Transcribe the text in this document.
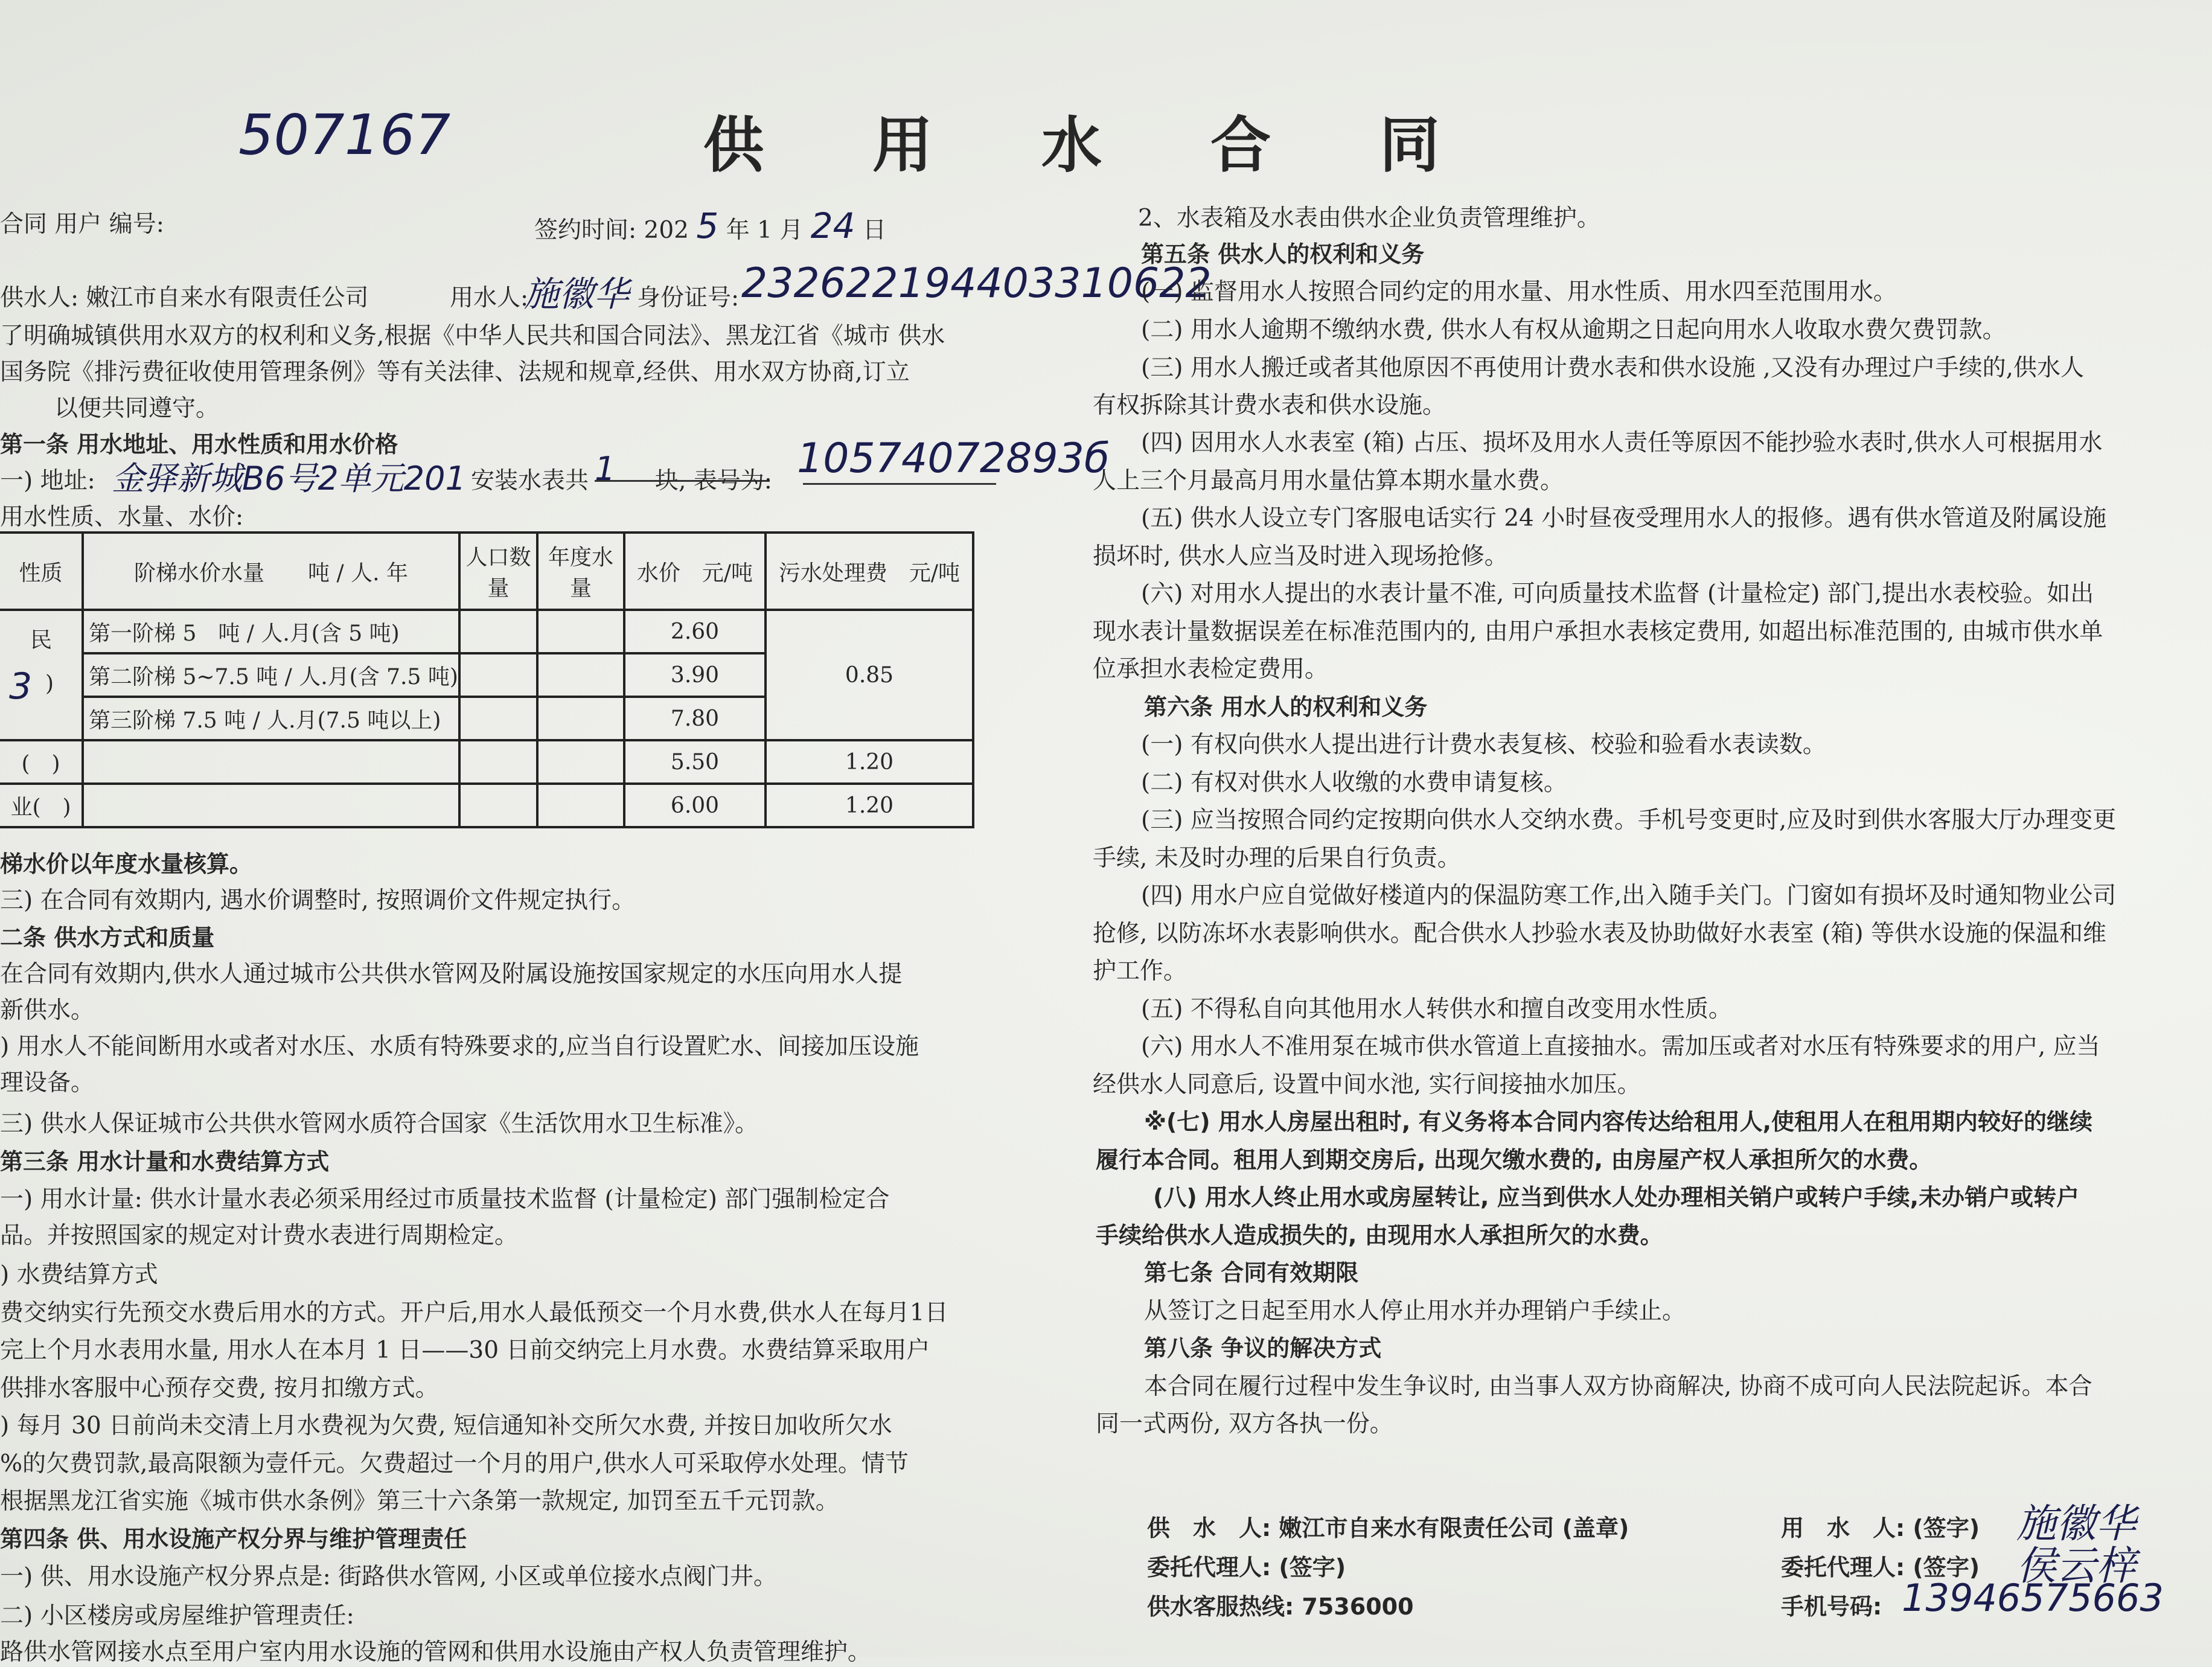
507167	供用水合同
合同 用户 编号:	签约时间: 202 5 年 1 月 24 日
供水人: 嫩江市自来水有限责任公司	用水人:
施徽华 身份证号: 232622194403310622
了明确城镇供用水双方的权利和义务,根据《中华人民共和国合同法》、黑龙江省《城市 供水
国务院《排污费征收使用管理条例》等有关法律、法规和规章,经供、用水双方协商,订立
以便共同遵守。
第一条 用水地址、用水性质和用水价格
一) 地址: 金驿新城B6号2单元201 安装水表共 1 块, 表号为: 10574072893б
用水性质、水量、水价:
性质	阶梯水价水量　　吨 / 人. 年	人口数量	年度水量	水价　元/吨	污水处理费　元/吨

民
3 )	第一阶梯 5　吨 / 人.月(含 5 吨)			2.60	0.85
	第二阶梯 5~7.5 吨 / 人.月(含 7.5 吨)			3.90	
	第三阶梯 7.5 吨 / 人.月(7.5 吨以上)			7.80	
(　)				5.50	1.20
业(　)				6.00	1.20
梯水价以年度水量核算。
三) 在合同有效期内, 遇水价调整时, 按照调价文件规定执行。
二条 供水方式和质量
在合同有效期内,供水人通过城市公共供水管网及附属设施按国家规定的水压向用水人提
新供水。
) 用水人不能间断用水或者对水压、水质有特殊要求的,应当自行设置贮水、间接加压设施
理设备。
三) 供水人保证城市公共供水管网水质符合国家《生活饮用水卫生标准》。
第三条 用水计量和水费结算方式
一) 用水计量: 供水计量水表必须采用经过市质量技术监督 (计量检定) 部门强制检定合
品。并按照国家的规定对计费水表进行周期检定。
) 水费结算方式
费交纳实行先预交水费后用水的方式。开户后,用水人最低预交一个月水费,供水人在每月1日
完上个月水表用水量, 用水人在本月 1 日——30 日前交纳完上月水费。水费结算采取用户
供排水客服中心预存交费, 按月扣缴方式。
) 每月 30 日前尚未交清上月水费视为欠费, 短信通知补交所欠水费, 并按日加收所欠水
%的欠费罚款,最高限额为壹仟元。欠费超过一个月的用户,供水人可采取停水处理。情节
根据黑龙江省实施《城市供水条例》第三十六条第一款规定, 加罚至五千元罚款。
第四条 供、用水设施产权分界与维护管理责任
一) 供、用水设施产权分界点是: 街路供水管网, 小区或单位接水点阀门井。
二) 小区楼房或房屋维护管理责任:
路供水管网接水点至用户室内用水设施的管网和供用水设施由产权人负责管理维护。
2、水表箱及水表由供水企业负责管理维护。
第五条 供水人的权利和义务
(一) 监督用水人按照合同约定的用水量、用水性质、用水四至范围用水。
(二) 用水人逾期不缴纳水费, 供水人有权从逾期之日起向用水人收取水费欠费罚款。
(三) 用水人搬迁或者其他原因不再使用计费水表和供水设施 ,又没有办理过户手续的,供水人
有权拆除其计费水表和供水设施。
(四) 因用水人水表室 (箱) 占压、损坏及用水人责任等原因不能抄验水表时,供水人可根据用水
人上三个月最高月用水量估算本期水量水费。
(五) 供水人设立专门客服电话实行 24 小时昼夜受理用水人的报修。遇有供水管道及附属设施
损坏时, 供水人应当及时进入现场抢修。
(六) 对用水人提出的水表计量不准, 可向质量技术监督 (计量检定) 部门,提出水表校验。如出
现水表计量数据误差在标准范围内的, 由用户承担水表核定费用, 如超出标准范围的, 由城市供水单
位承担水表检定费用。
第六条 用水人的权利和义务
(一) 有权向供水人提出进行计费水表复核、校验和验看水表读数。
(二) 有权对供水人收缴的水费申请复核。
(三) 应当按照合同约定按期向供水人交纳水费。手机号变更时,应及时到供水客服大厅办理变更
手续, 未及时办理的后果自行负责。
(四) 用水户应自觉做好楼道内的保温防寒工作,出入随手关门。门窗如有损坏及时通知物业公司
抢修, 以防冻坏水表影响供水。配合供水人抄验水表及协助做好水表室 (箱) 等供水设施的保温和维
护工作。
(五) 不得私自向其他用水人转供水和擅自改变用水性质。
(六) 用水人不准用泵在城市供水管道上直接抽水。需加压或者对水压有特殊要求的用户, 应当
经供水人同意后, 设置中间水池, 实行间接抽水加压。
※(七) 用水人房屋出租时, 有义务将本合同内容传达给租用人,使租用人在租用期内较好的继续
履行本合同。租用人到期交房后, 出现欠缴水费的, 由房屋产权人承担所欠的水费。
(八) 用水人终止用水或房屋转让, 应当到供水人处办理相关销户或转户手续,未办销户或转户
手续给供水人造成损失的, 由现用水人承担所欠的水费。
第七条 合同有效期限
从签订之日起至用水人停止用水并办理销户手续止。
第八条 争议的解决方式
本合同在履行过程中发生争议时, 由当事人双方协商解决, 协商不成可向人民法院起诉。本合
同一式两份, 双方各执一份。
供　水　人: 嫩江市自来水有限责任公司 (盖章)
委托代理人: (签字)
供水客服热线: 7536000
用　水　人: (签字) 施徽华
委托代理人: (签字) 侯云梓
手机号码: 13946575663
